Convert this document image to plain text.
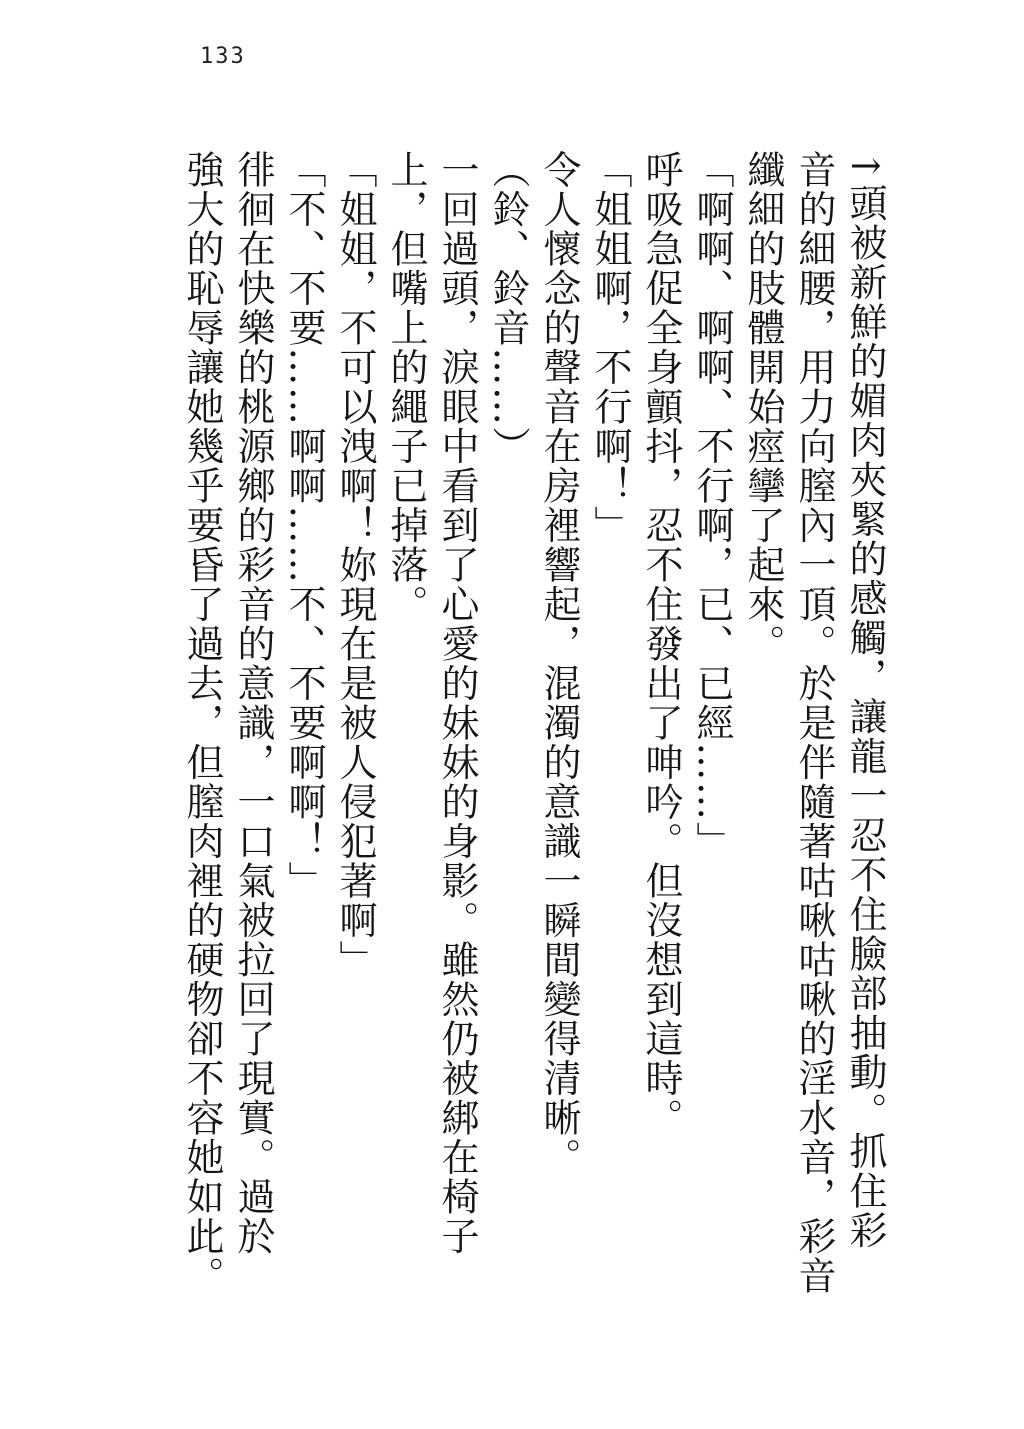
133
↑頭被新鮮的媚肉夾緊的感觸，讓龍一忍不住臉部抽動。抓住彩
音的細腰，用力向膣內一頂。於是伴隨著咕啾咕啾的淫水音，彩音
纖細的肢體開始痙攣了起來。
「啊啊、啊啊、不行啊，已、已經……」
呼吸急促全身顫抖，忍不住發出了呻吟。但沒想到這時。
「姐姐啊，不行啊！」
令人懷念的聲音在房裡響起，混濁的意識一瞬間變得清晰。
（鈴、鈴音……）
一回過頭，淚眼中看到了心愛的妹妹的身影。雖然仍被綁在椅子
上，但嘴上的繩子已掉落。
「姐姐，不可以洩啊！妳現在是被人侵犯著啊」
「不、不要……啊啊……不、不要啊啊！」
徘徊在快樂的桃源鄉的彩音的意識，一口氣被拉回了現實。過於
強大的恥辱讓她幾乎要昏了過去，但膣肉裡的硬物卻不容她如此。
